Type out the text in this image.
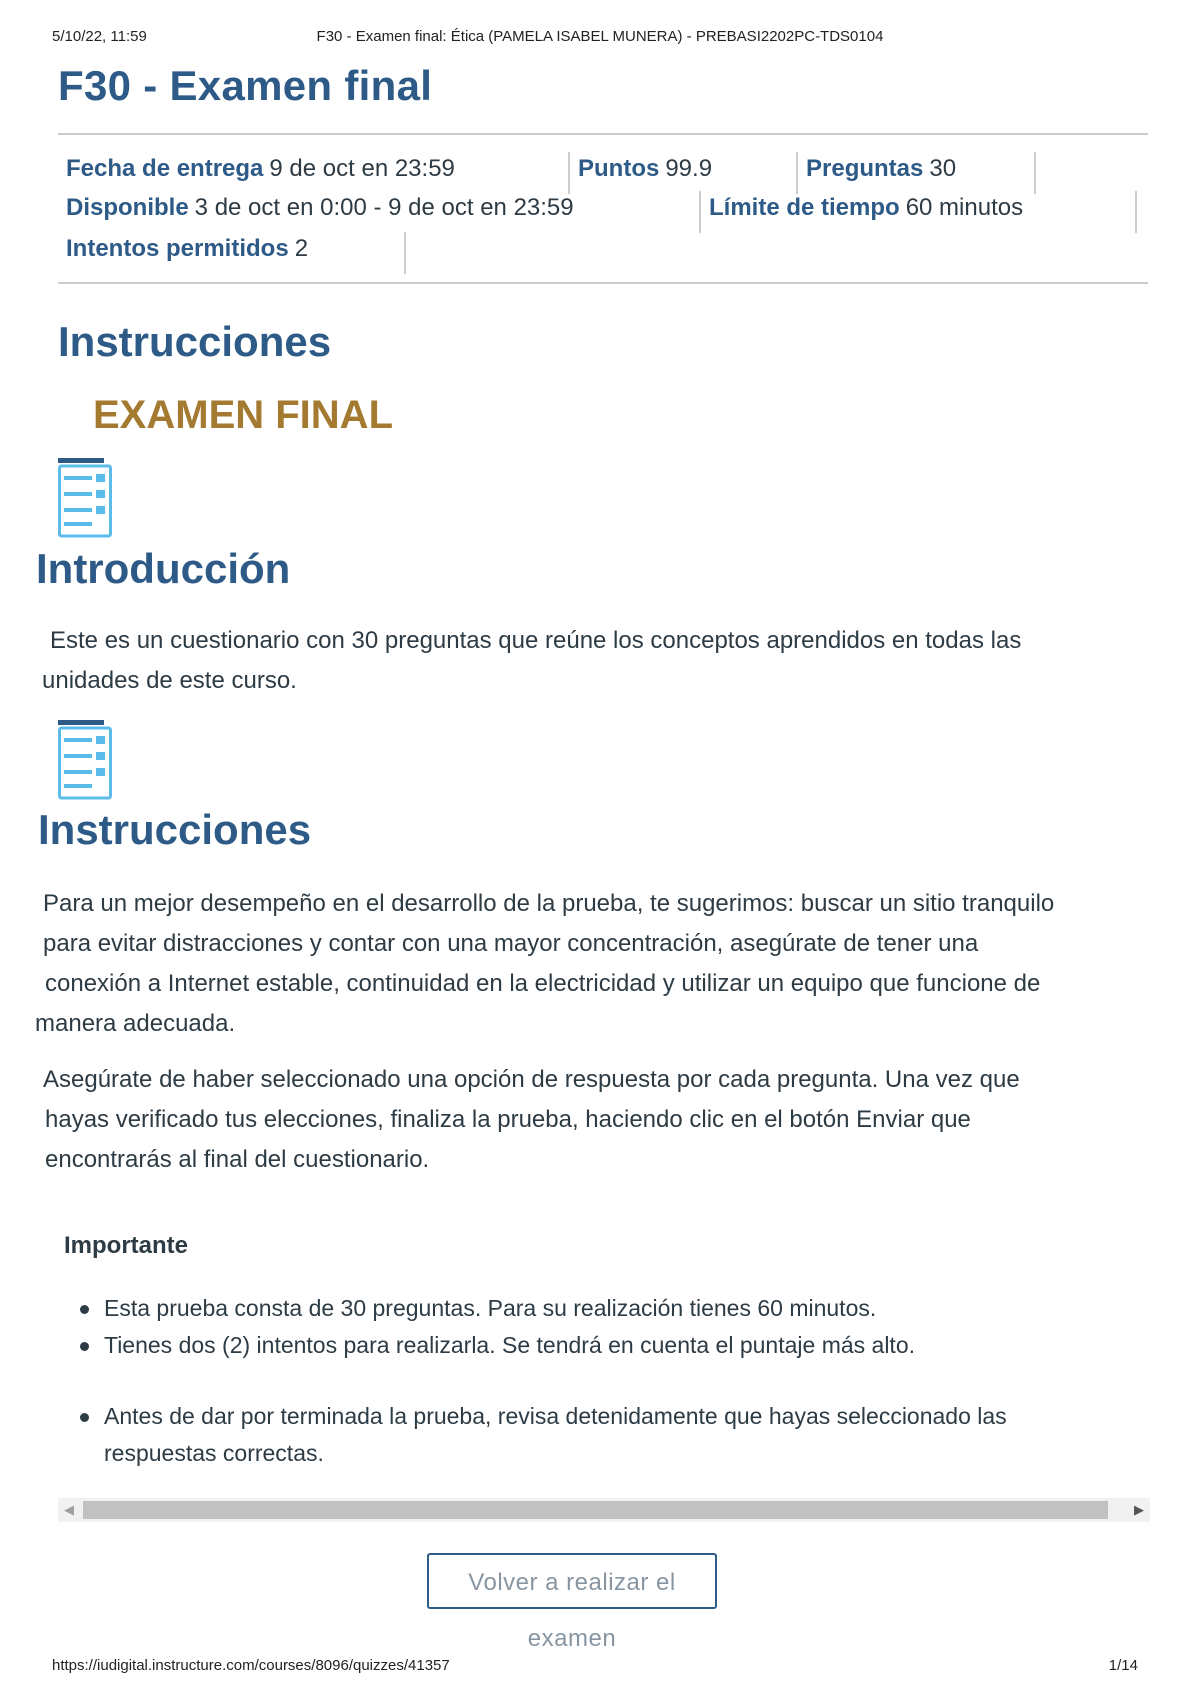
5/10/22, 11:59	F30 - Examen final: Ética (PAMELA ISABEL MUNERA) - PREBASI2202PC-TDS0104
F30 - Examen final
Fecha de entrega 9 de oct en 23:59	Puntos 99.9	Preguntas 30
Disponible 3 de oct en 0:00 - 9 de oct en 23:59	Límite de tiempo 60 minutos
Intentos permitidos 2
Instrucciones
EXAMEN FINAL
Introducción
Este es un cuestionario con 30 preguntas que reúne los conceptos aprendidos en todas las
unidades de este curso.
Instrucciones
Para un mejor desempeño en el desarrollo de la prueba, te sugerimos: buscar un sitio tranquilo
para evitar distracciones y contar con una mayor concentración, asegúrate de tener una
conexión a Internet estable, continuidad en la electricidad y utilizar un equipo que funcione de
manera adecuada.
Asegúrate de haber seleccionado una opción de respuesta por cada pregunta. Una vez que
hayas verificado tus elecciones, finaliza la prueba, haciendo clic en el botón Enviar que
encontrarás al final del cuestionario.
Importante
Esta prueba consta de 30 preguntas. Para su realización tienes 60 minutos.
Tienes dos (2) intentos para realizarla. Se tendrá en cuenta el puntaje más alto.
Antes de dar por terminada la prueba, revisa detenidamente que hayas seleccionado las respuestas correctas.
◀	▶
Volver a realizar el examen
https://iudigital.instructure.com/courses/8096/quizzes/41357	1/14
